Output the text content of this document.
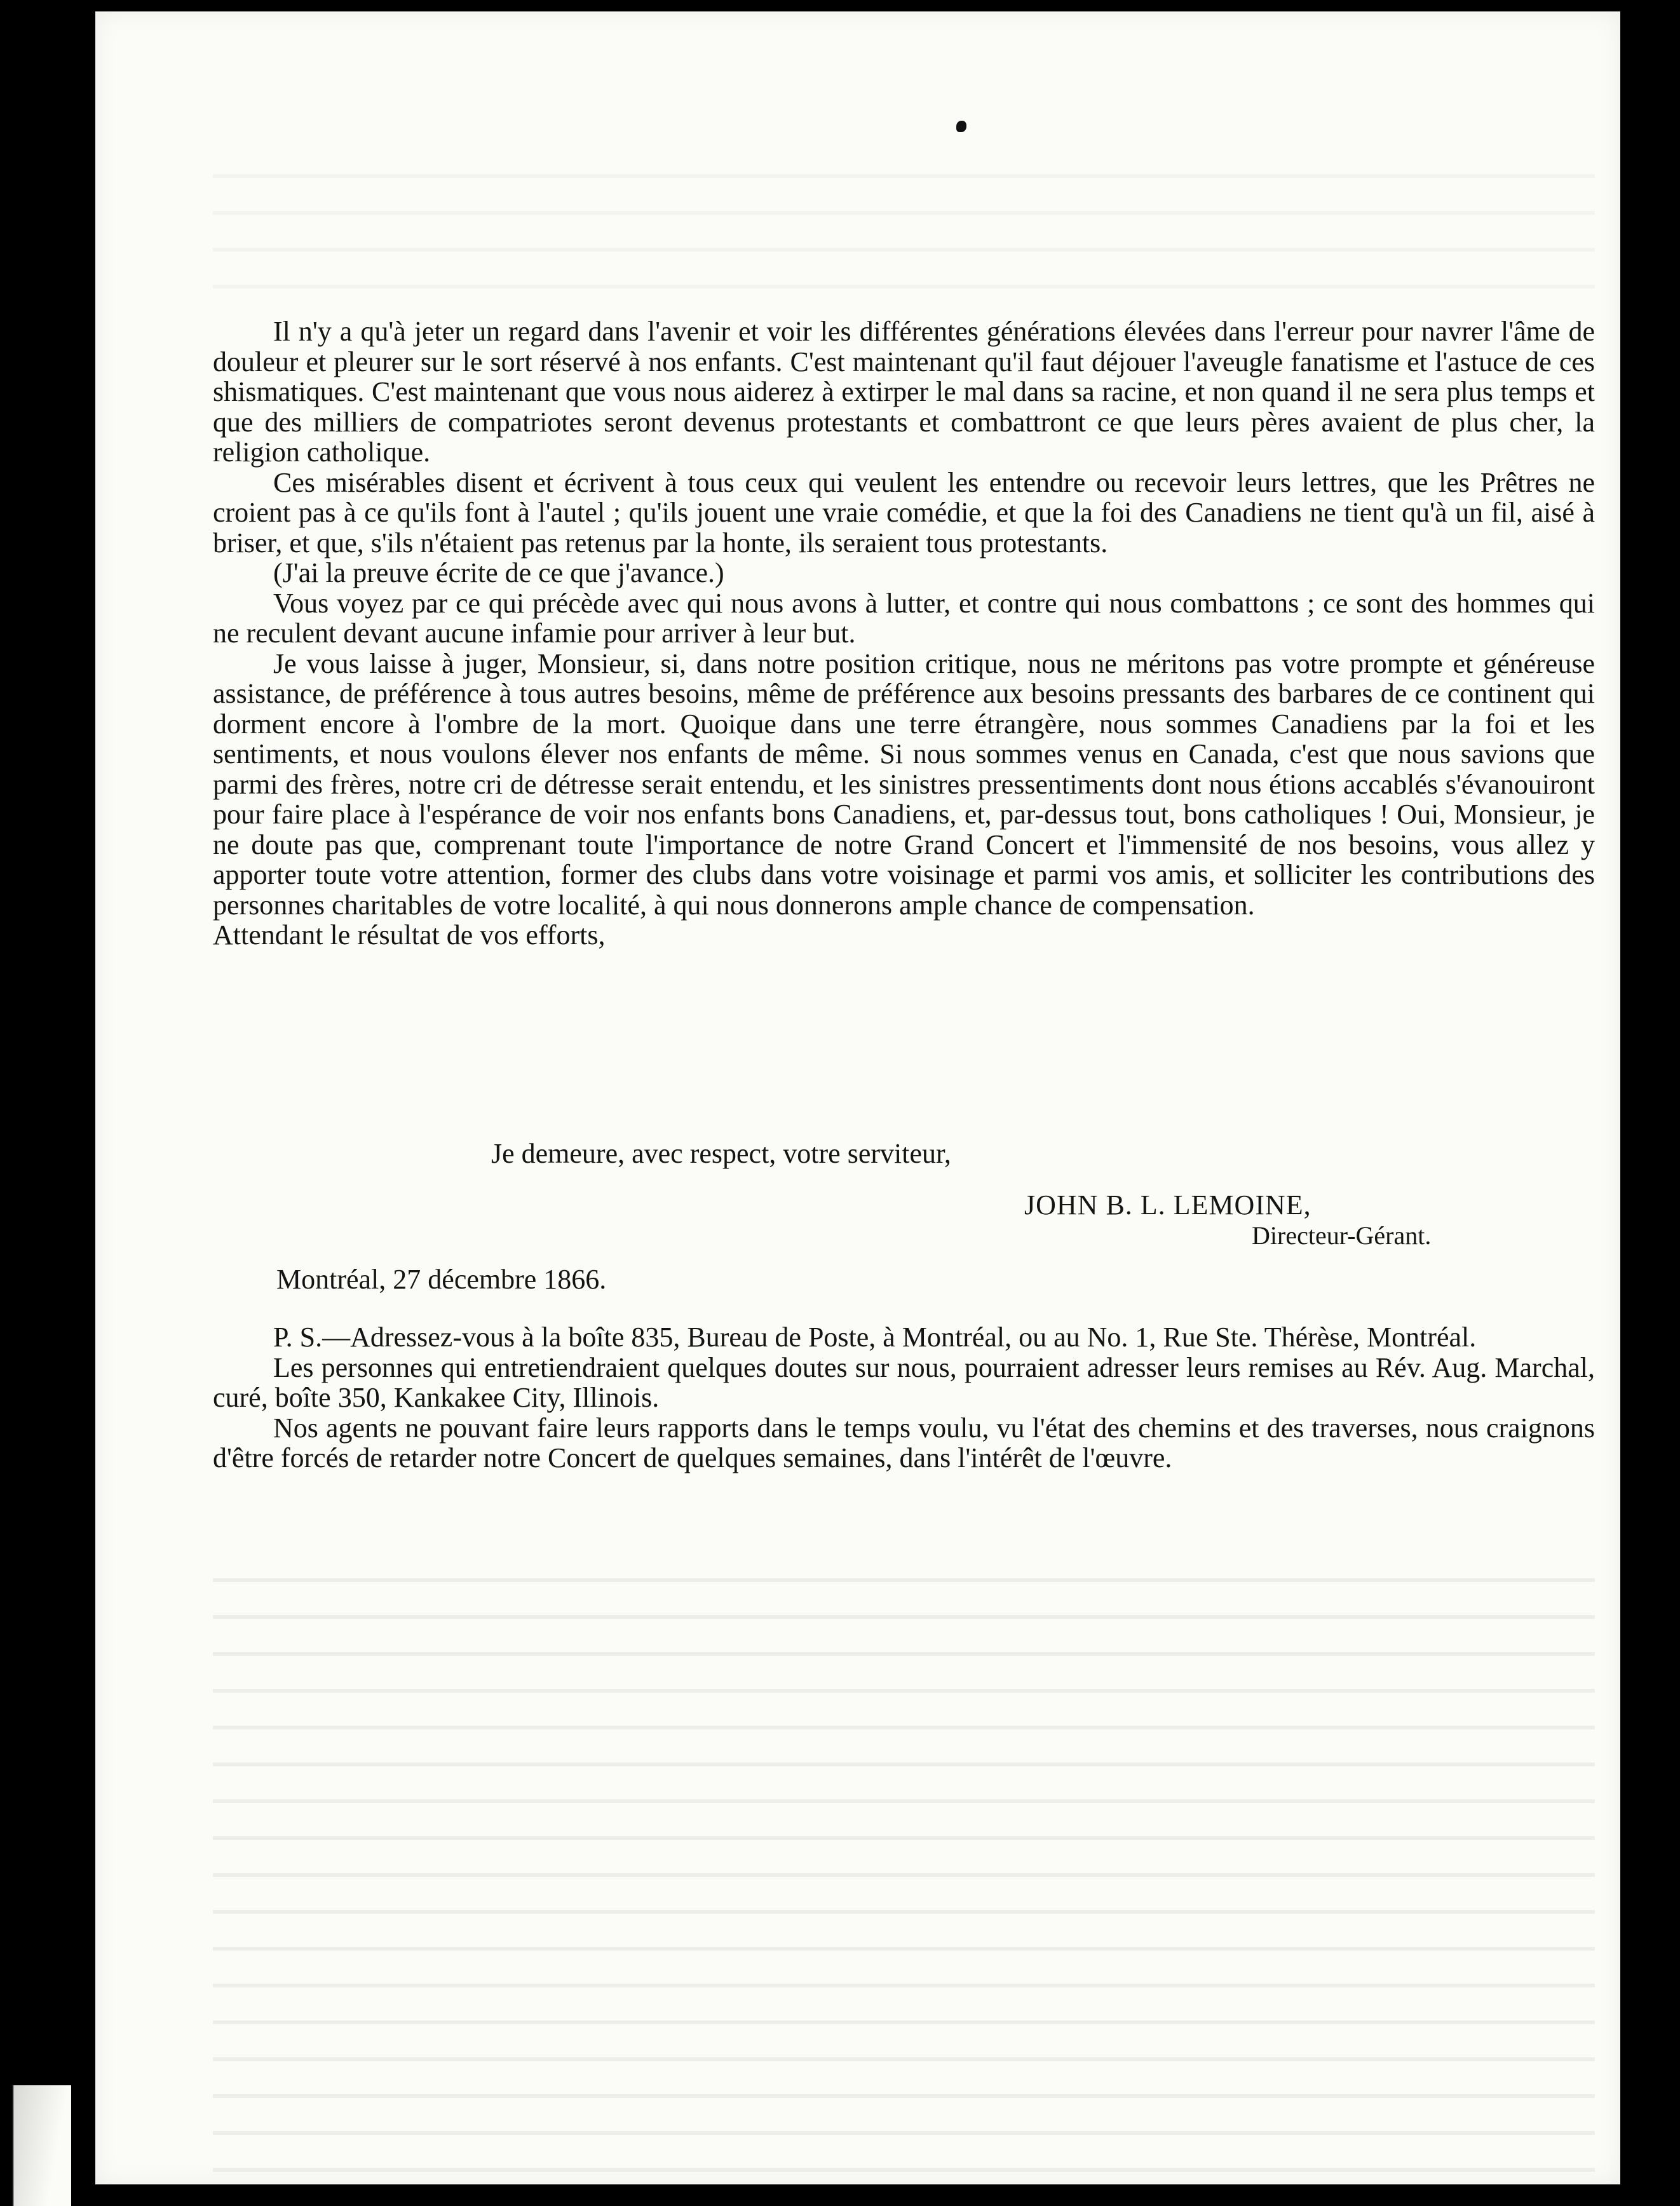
Il n'y a qu'à jeter un regard dans l'avenir et voir les différentes générations élevées dans l'erreur pour navrer l'âme de douleur et pleurer sur le sort réservé à nos enfants. C'est maintenant qu'il faut déjouer l'aveugle fanatisme et l'astuce de ces shismatiques. C'est maintenant que vous nous aiderez à extirper le mal dans sa racine, et non quand il ne sera plus temps et que des milliers de compatriotes seront devenus protestants et combattront ce que leurs pères avaient de plus cher, la religion catholique.

Ces misérables disent et écrivent à tous ceux qui veulent les entendre ou recevoir leurs lettres, que les Prêtres ne croient pas à ce qu'ils font à l'autel ; qu'ils jouent une vraie comédie, et que la foi des Canadiens ne tient qu'à un fil, aisé à briser, et que, s'ils n'étaient pas retenus par la honte, ils seraient tous protestants.

(J'ai la preuve écrite de ce que j'avance.)

Vous voyez par ce qui précède avec qui nous avons à lutter, et contre qui nous combattons ; ce sont des hommes qui ne reculent devant aucune infamie pour arriver à leur but.

Je vous laisse à juger, Monsieur, si, dans notre position critique, nous ne méritons pas votre prompte et généreuse assistance, de préférence à tous autres besoins, même de préférence aux besoins pressants des barbares de ce continent qui dorment encore à l'ombre de la mort. Quoique dans une terre étrangère, nous sommes Canadiens par la foi et les sentiments, et nous voulons élever nos enfants de même. Si nous sommes venus en Canada, c'est que nous savions que parmi des frères, notre cri de détresse serait entendu, et les sinistres pressentiments dont nous étions accablés s'évanouiront pour faire place à l'espérance de voir nos enfants bons Canadiens, et, par-dessus tout, bons catholiques ! Oui, Monsieur, je ne doute pas que, comprenant toute l'importance de notre Grand Concert et l'immensité de nos besoins, vous allez y apporter toute votre attention, former des clubs dans votre voisinage et parmi vos amis, et solliciter les contributions des personnes charitables de votre localité, à qui nous donnerons ample chance de compensation.

Attendant le résultat de vos efforts,

Je demeure, avec respect, votre serviteur,
JOHN B. L. LEMOINE,
Directeur-Gérant.
Montréal, 27 décembre 1866.

P. S.—Adressez-vous à la boîte 835, Bureau de Poste, à Montréal, ou au No. 1, Rue Ste. Thérèse, Montréal.

Les personnes qui entretiendraient quelques doutes sur nous, pourraient adresser leurs remises au Rév. Aug. Marchal, curé, boîte 350, Kankakee City, Illinois.

Nos agents ne pouvant faire leurs rapports dans le temps voulu, vu l'état des chemins et des traverses, nous craignons d'être forcés de retarder notre Concert de quelques semaines, dans l'intérêt de l'œuvre.
